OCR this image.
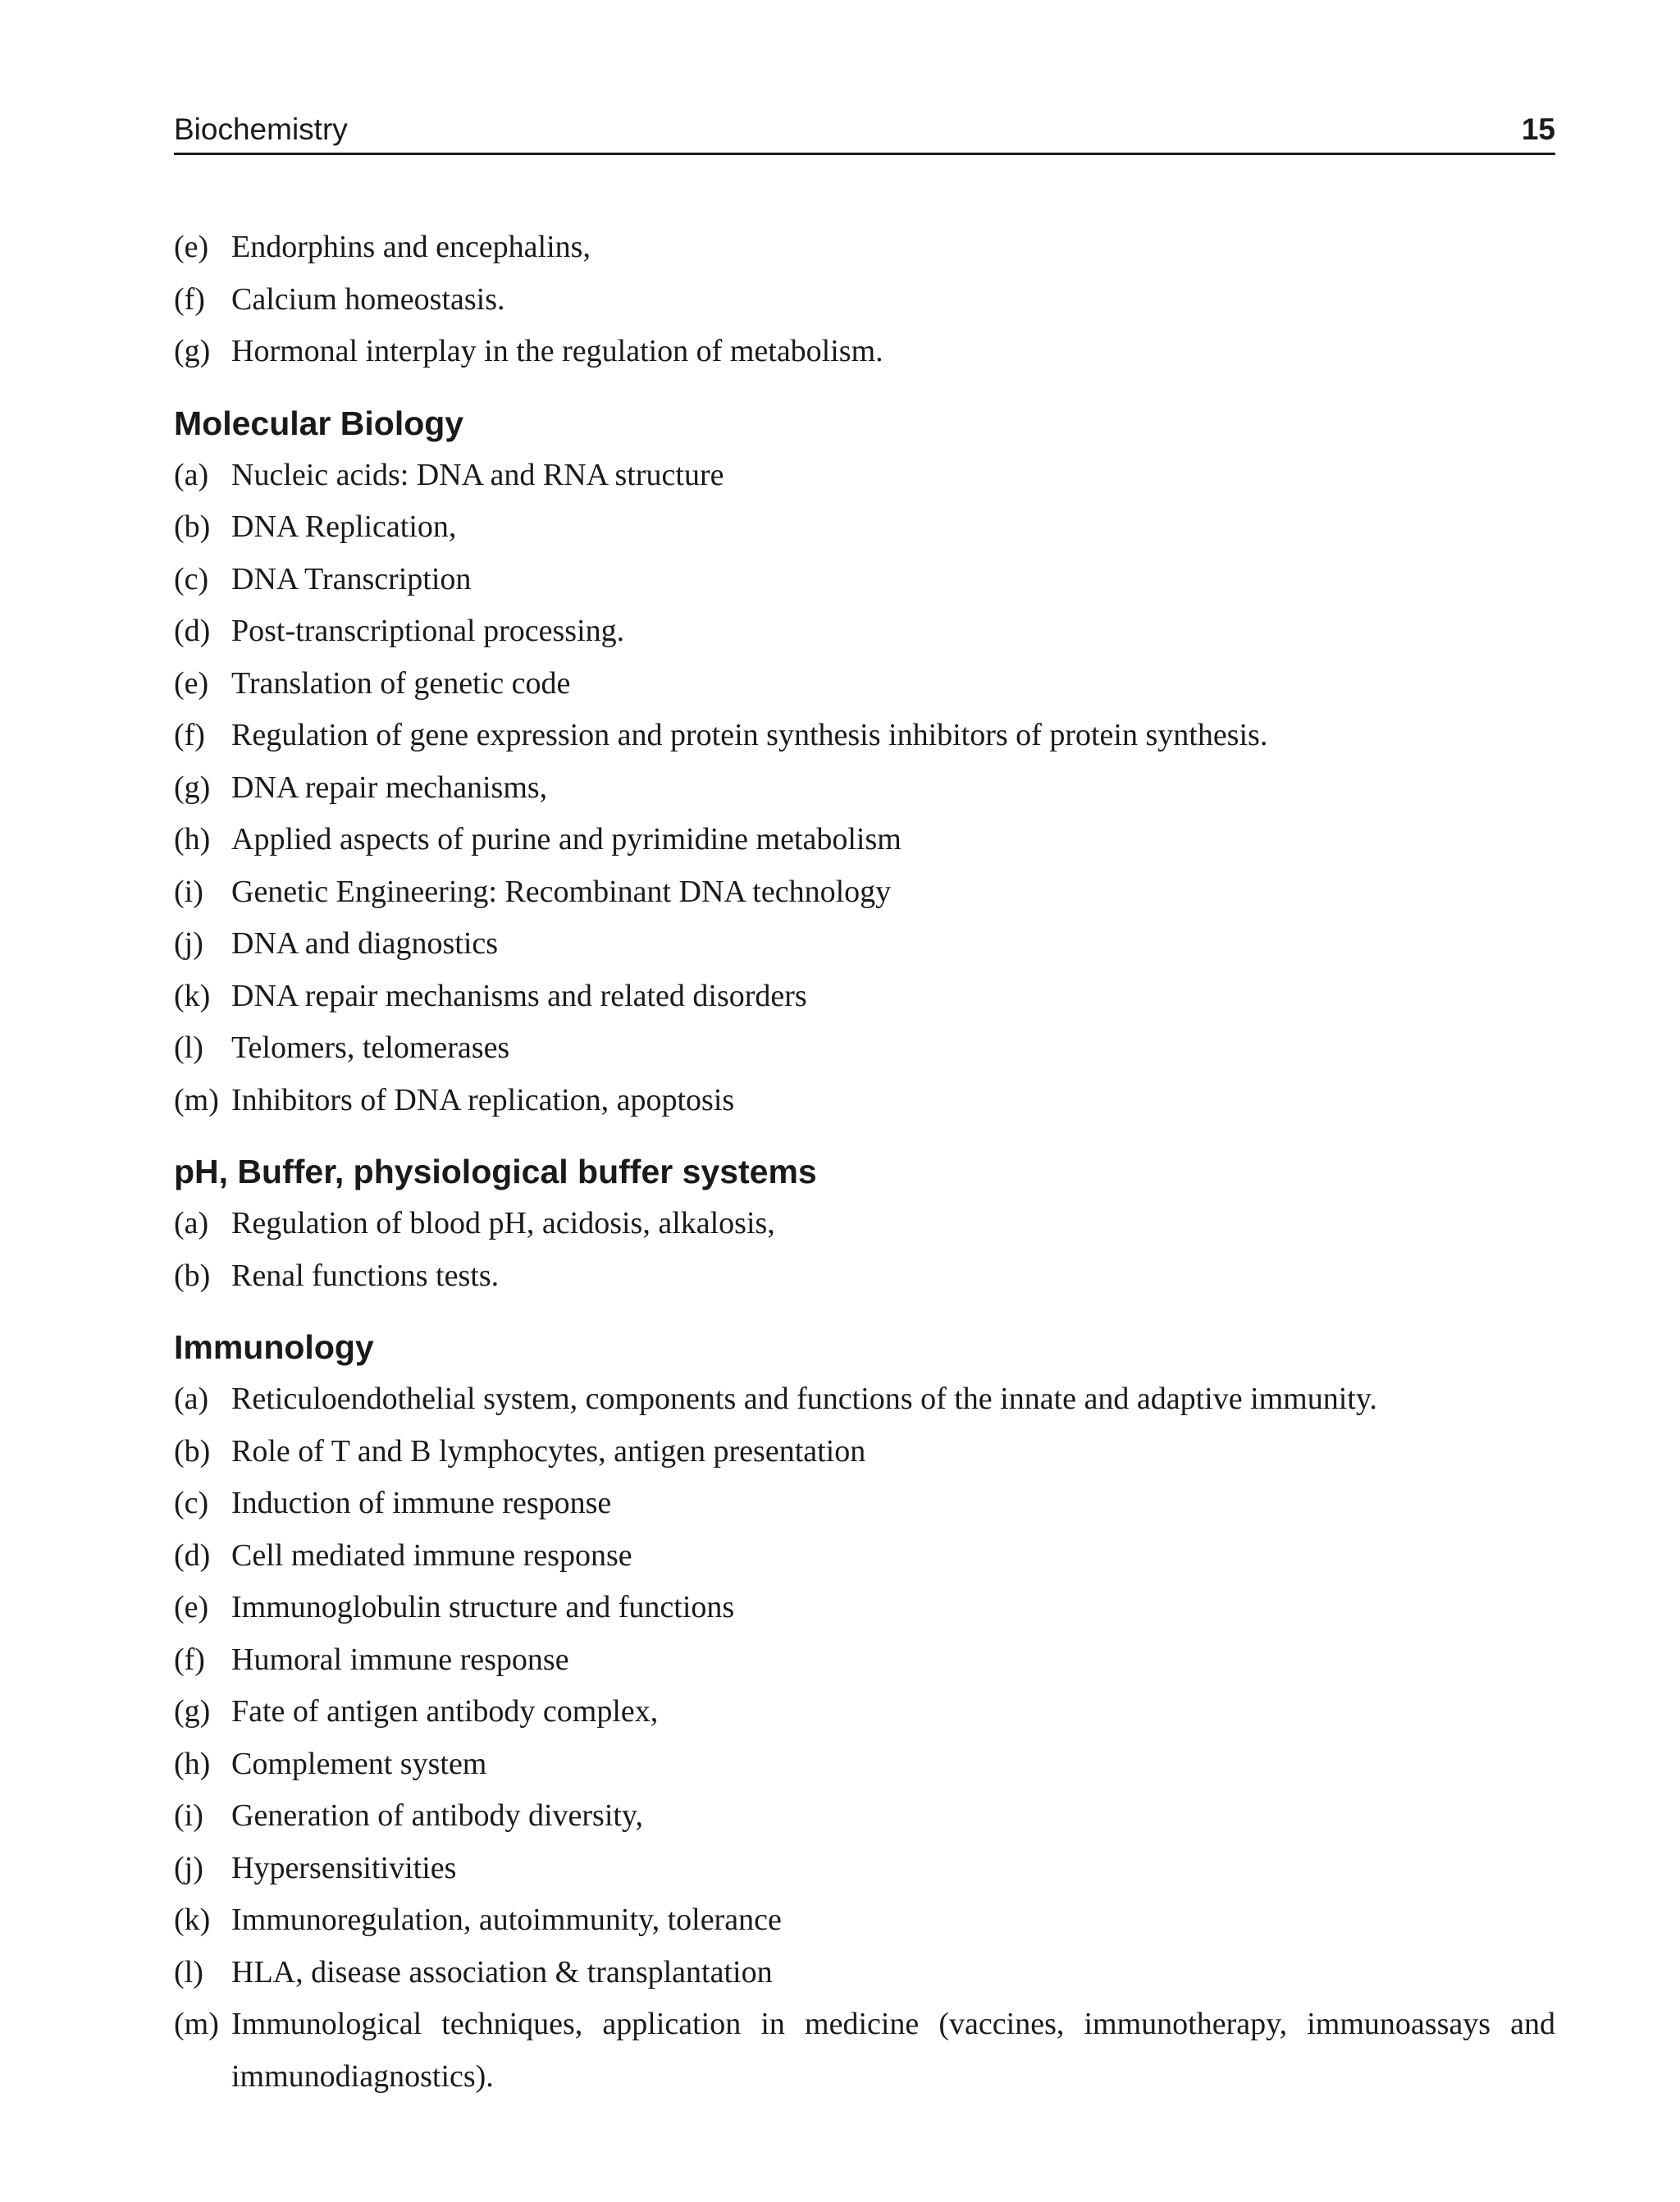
Biochemistry	15
(e) Endorphins and encephalins,
(f) Calcium homeostasis.
(g) Hormonal interplay in the regulation of metabolism.
Molecular Biology
(a) Nucleic acids: DNA and RNA structure
(b) DNA Replication,
(c) DNA Transcription
(d) Post-transcriptional processing.
(e) Translation of genetic code
(f) Regulation of gene expression and protein synthesis inhibitors of protein synthesis.
(g) DNA repair mechanisms,
(h) Applied aspects of purine and pyrimidine metabolism
(i) Genetic Engineering: Recombinant DNA technology
(j) DNA and diagnostics
(k) DNA repair mechanisms and related disorders
(l) Telomers, telomerases
(m) Inhibitors of DNA replication, apoptosis
pH, Buffer, physiological buffer systems
(a) Regulation of blood pH, acidosis, alkalosis,
(b) Renal functions tests.
Immunology
(a) Reticuloendothelial system, components and functions of the innate and adaptive immunity.
(b) Role of T and B lymphocytes, antigen presentation
(c) Induction of immune response
(d) Cell mediated immune response
(e) Immunoglobulin structure and functions
(f) Humoral immune response
(g) Fate of antigen antibody complex,
(h) Complement system
(i) Generation of antibody diversity,
(j) Hypersensitivities
(k) Immunoregulation, autoimmunity, tolerance
(l) HLA, disease association & transplantation
(m) Immunological techniques, application in medicine (vaccines, immunotherapy, immunoassays and immunodiagnostics).
